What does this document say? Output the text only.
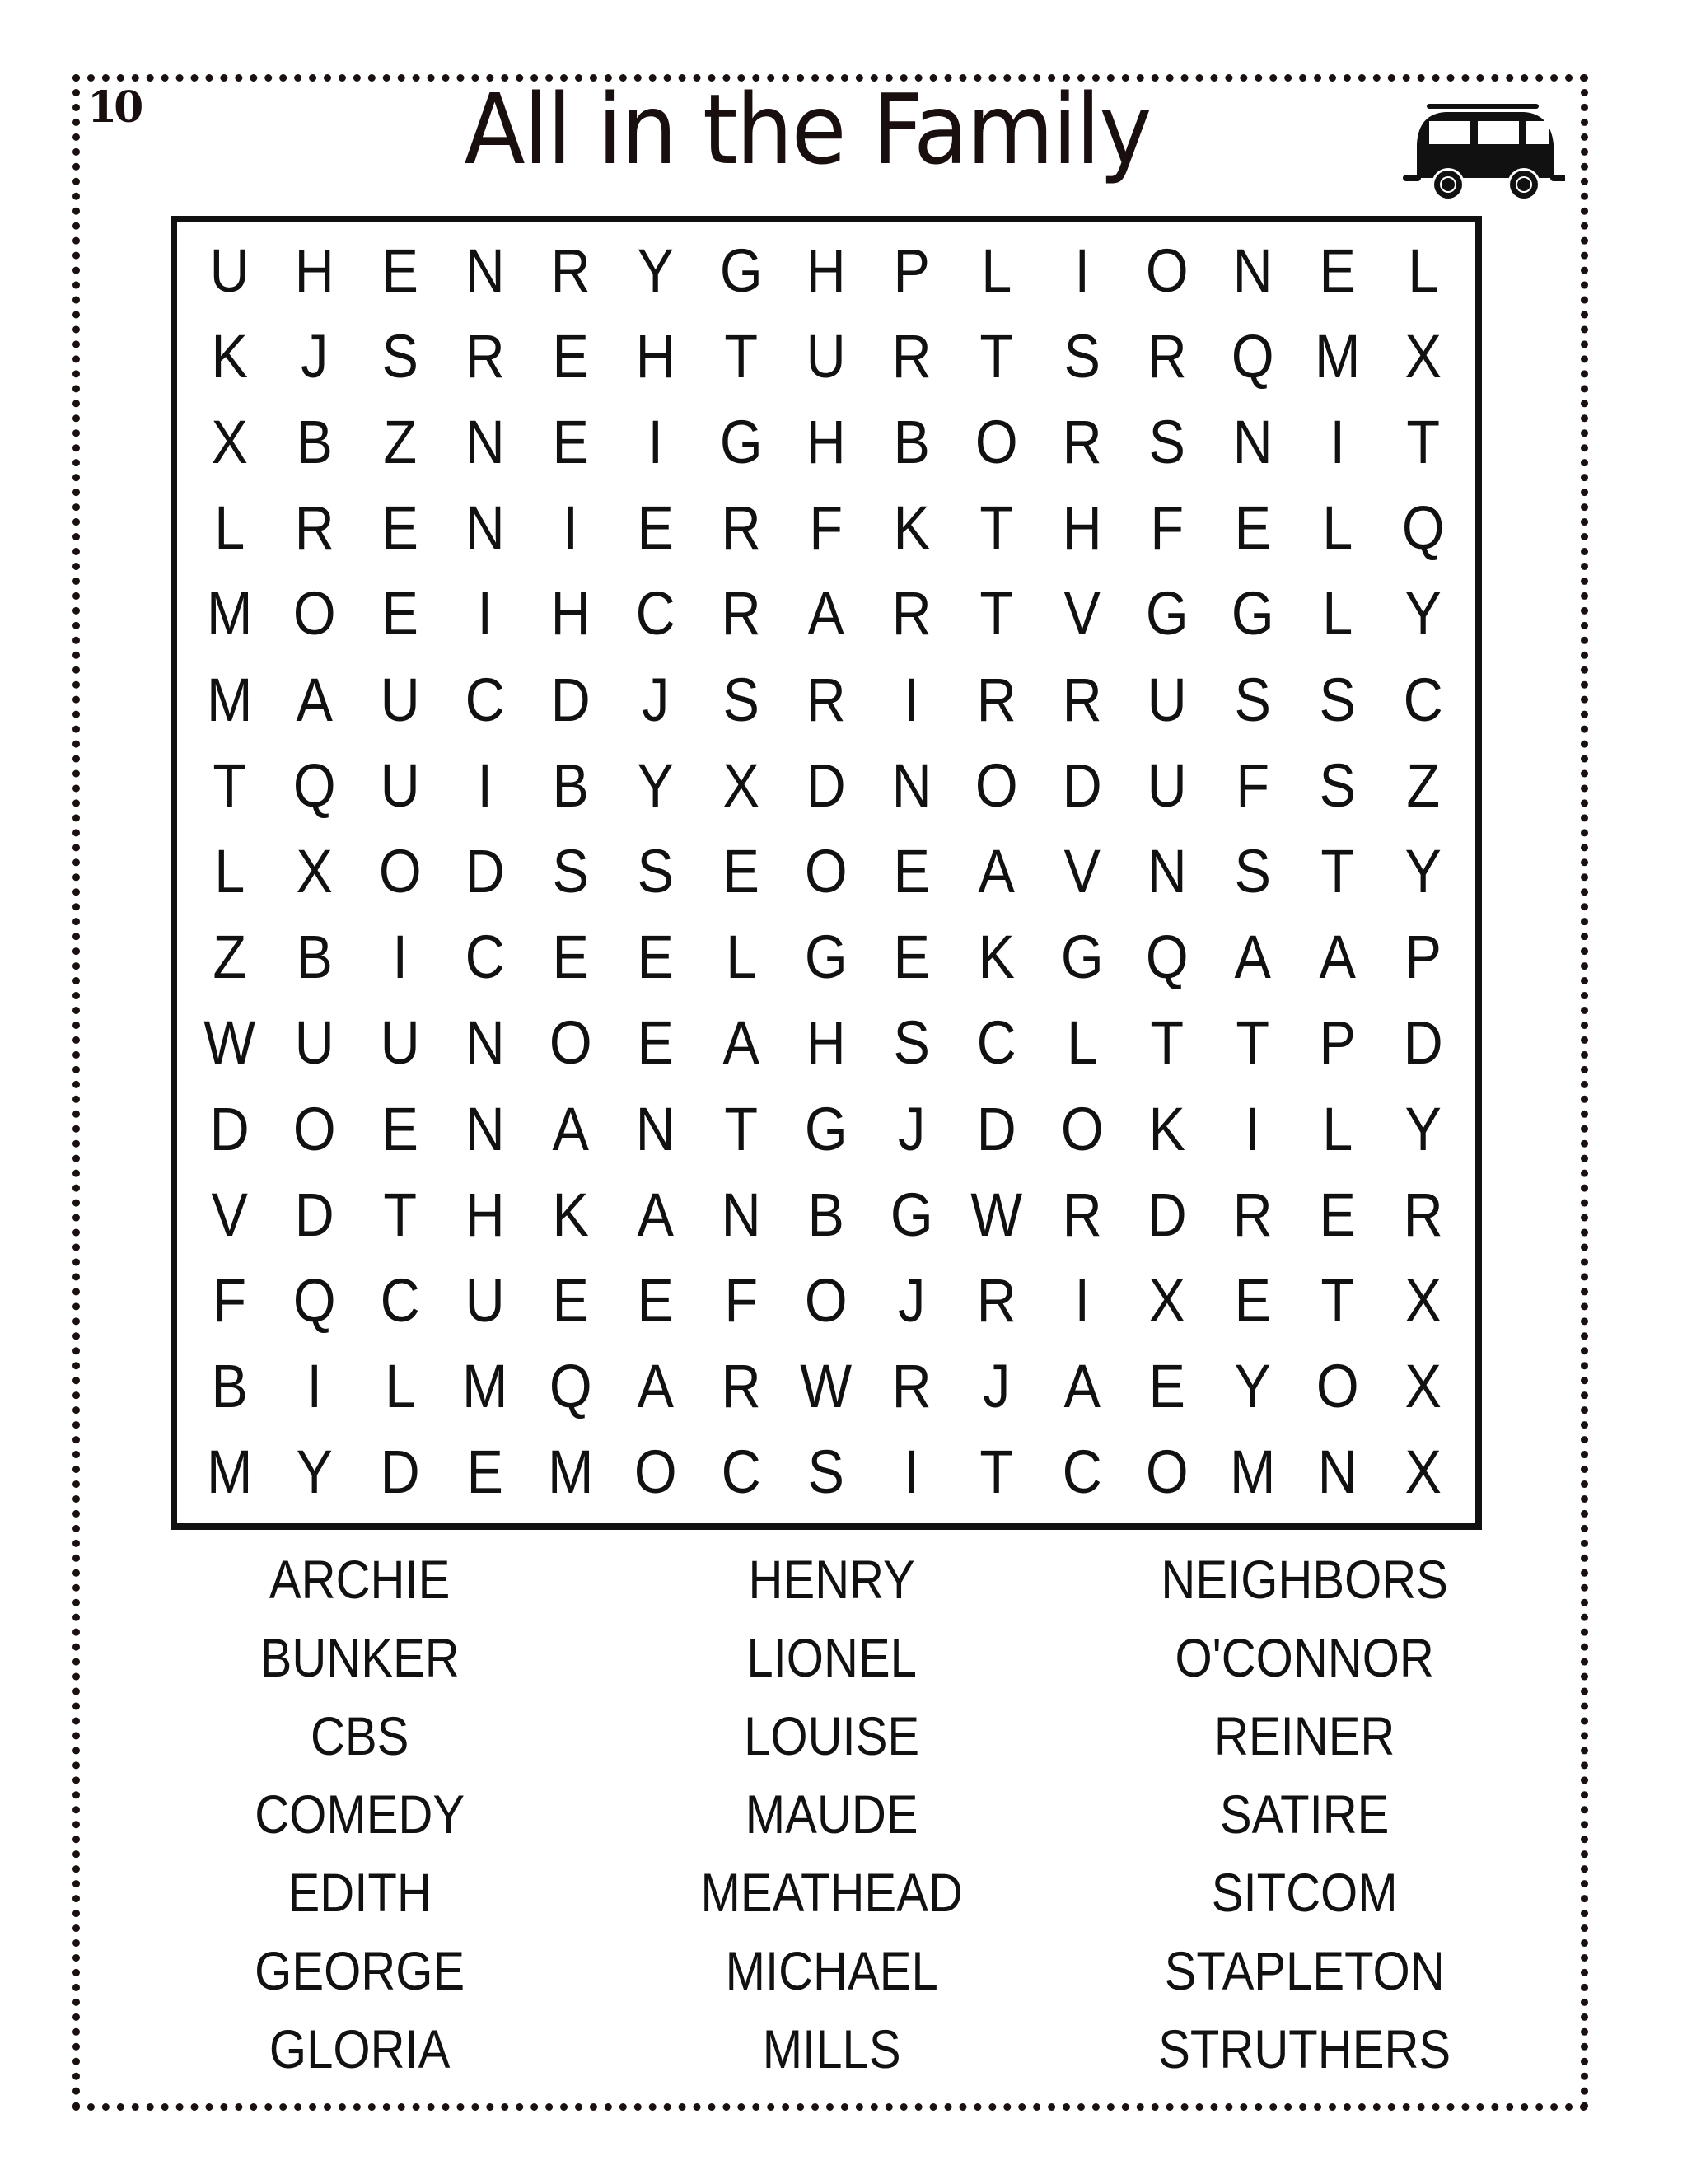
10	All in the Family
U H E N R Y G H P L	I O N E L
K J S R E H T U R T S R Q M X
X B Z N E I G H B O R S N I T
L R E N I E R F K T H F E L Q
M O E I H C R A R T V G G L Y
M A U C D J S R I R R U S S C
T Q U I B Y X D N O D U F S Z
L X O D S S E O E A V N S T Y
Z B I C E E L G E K G Q A A P
W U U N O E A H S C L T T P D
D O E N A N T G J D O K I	L Y
V D T H K A N B G W R D R E R
F Q C U E E F O J R I X E T X
B I	L M Q A R W R J A E Y O X
M Y D E M O C S I T C O M N X
ARCHIE
BUNKER
CBS
COMEDY
EDITH
GEORGE
GLORIA
HENRY
LIONEL
LOUISE
MAUDE
MEATHEAD
MICHAEL
MILLS
NEIGHBORS
O'CONNOR
REINER
SATIRE
SITCOM
STAPLETON
STRUTHERS
